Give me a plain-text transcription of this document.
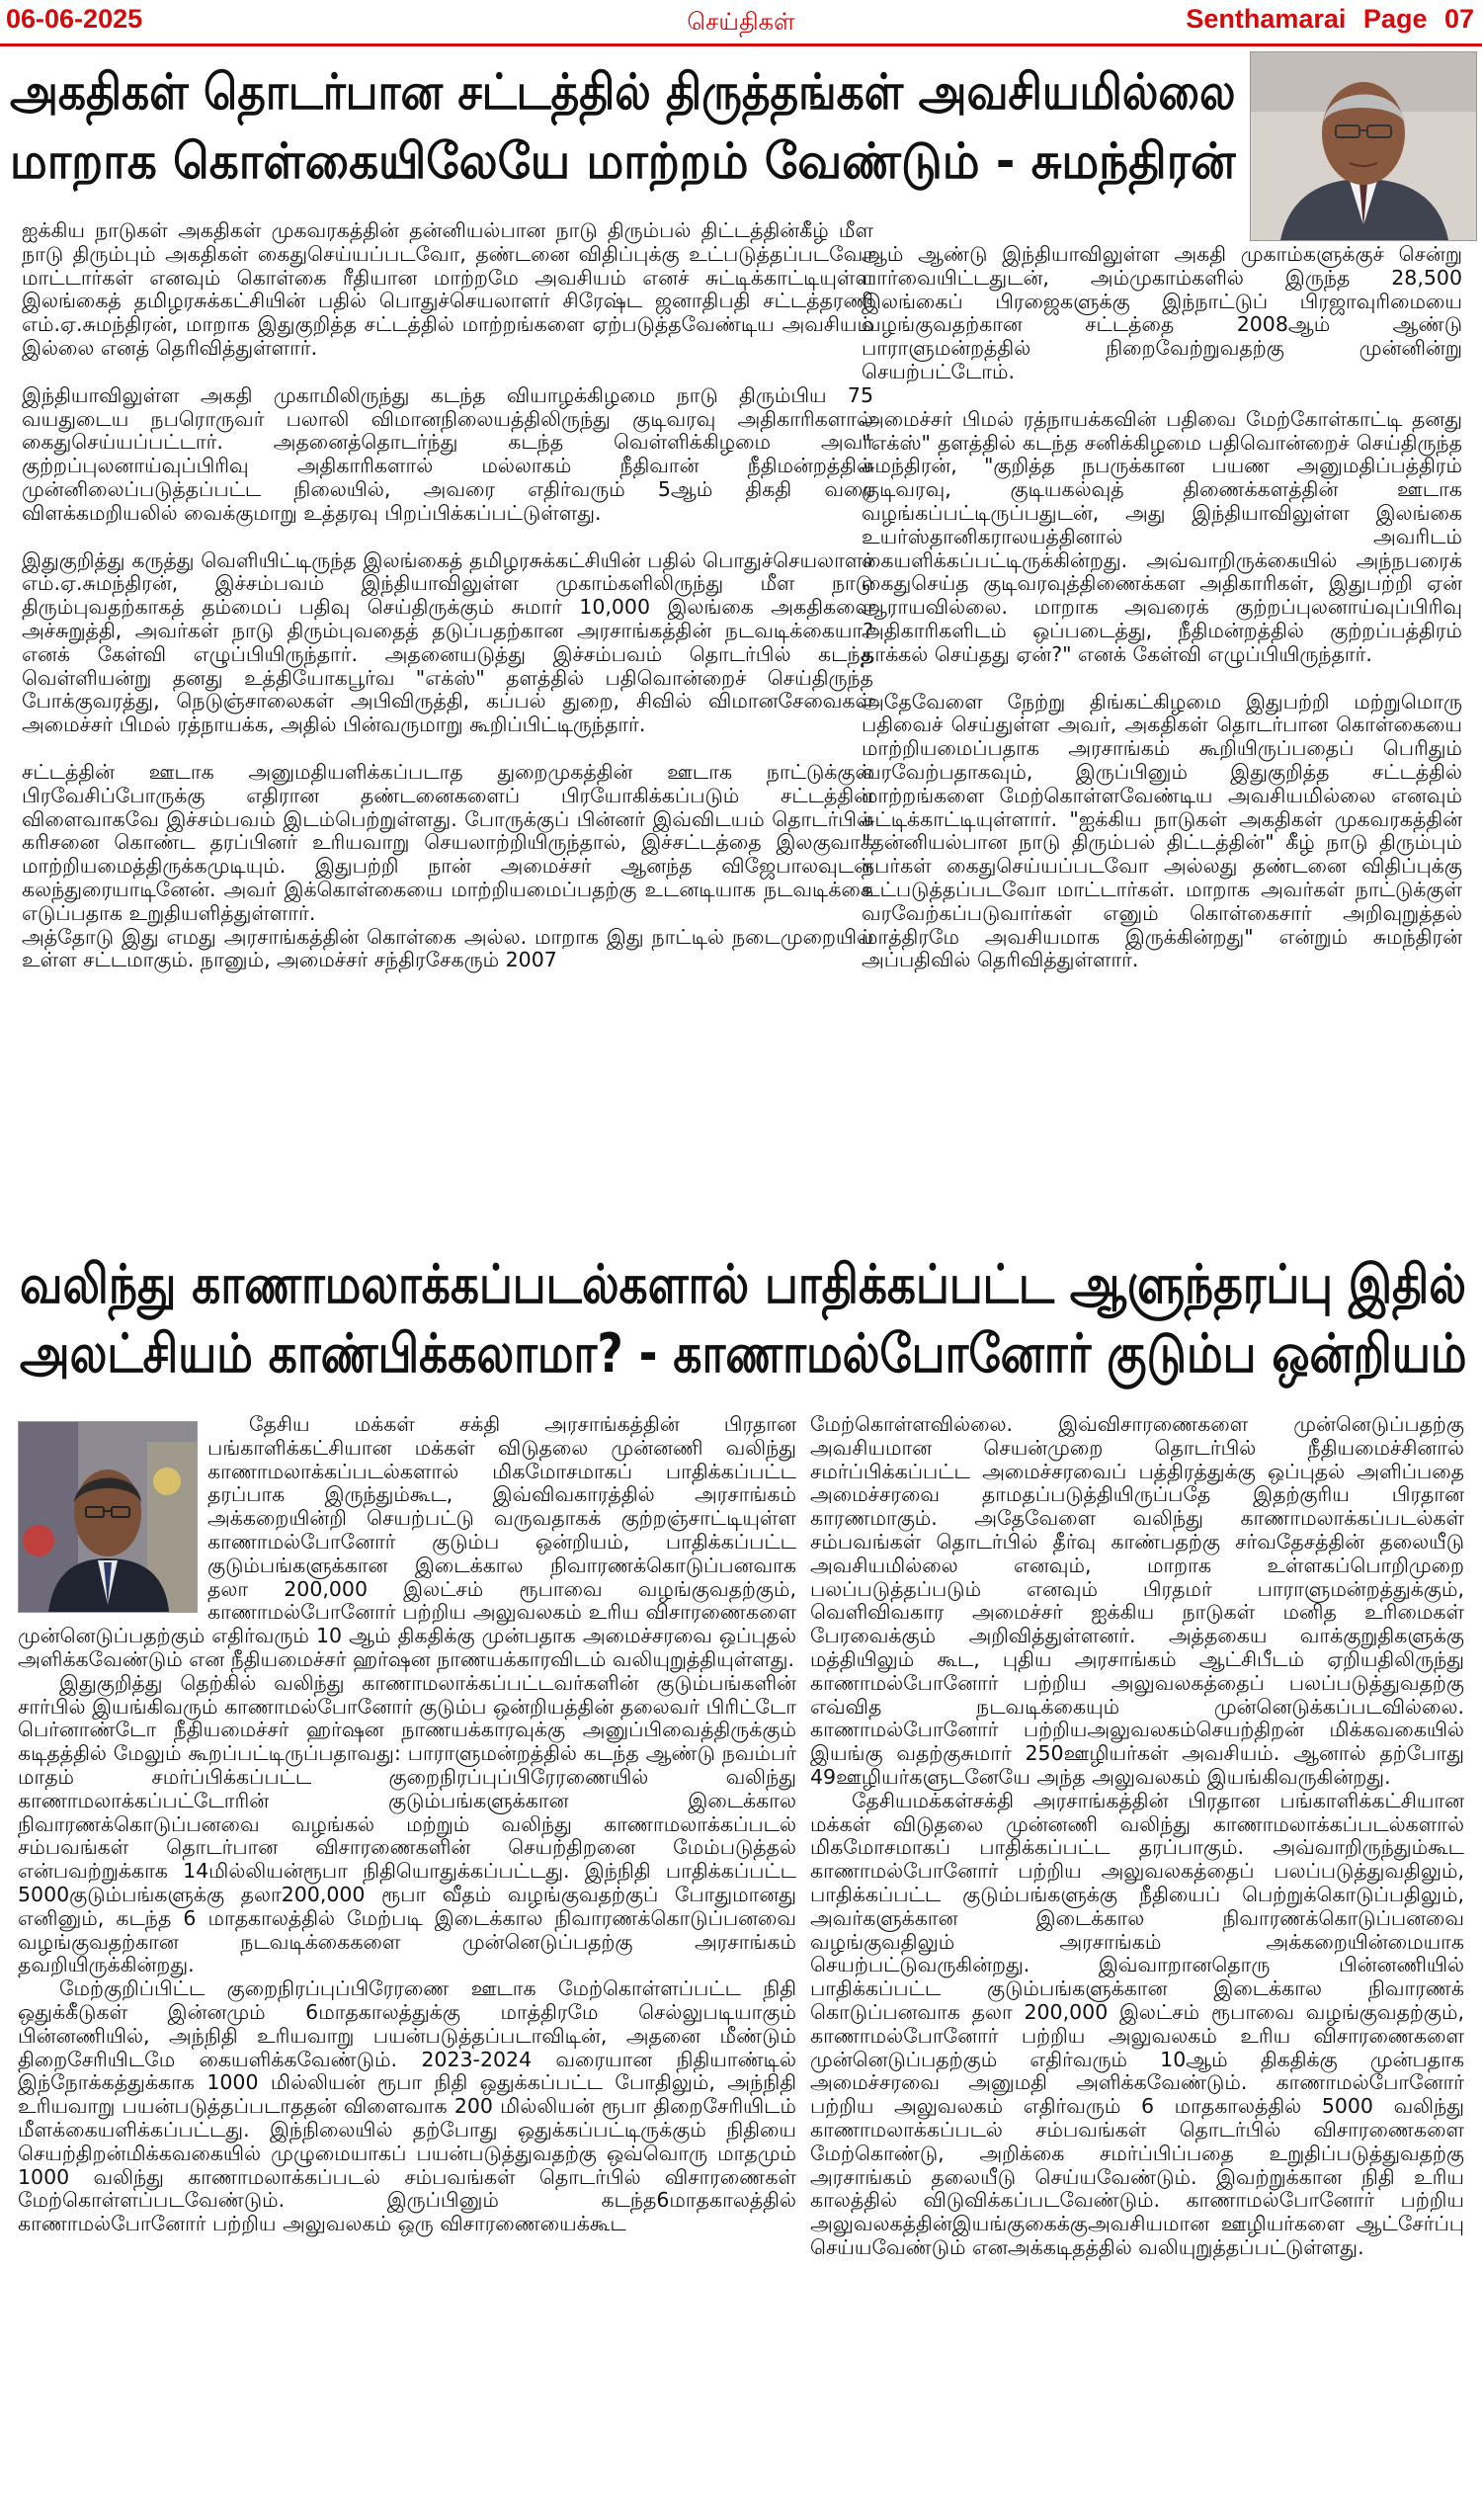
06-06-2025	செய்திகள்	Senthamarai Page 07
அகதிகள் தொடர்பான சட்டத்தில் திருத்தங்கள் அவசியமில்லை
மாறாக கொள்கையிலேயே மாற்றம் வேண்டும் - சுமந்திரன்

ஐக்கிய நாடுகள் அகதிகள் முகவரகத்தின் தன்னியல்பான நாடு திரும்பல் திட்டத்தின்கீழ் மீள நாடு திரும்பும் அகதிகள் கைதுசெய்யப்படவோ, தண்டனை விதிப்புக்கு உட்படுத்தப்படவோ மாட்டார்கள் எனவும் கொள்கை ரீதியான மாற்றமே அவசியம் எனச் சுட்டிக்காட்டியுள்ள இலங்கைத் தமிழரசுக்கட்சியின் பதில் பொதுச்செயலாளர் சிரேஷ்ட ஜனாதிபதி சட்டத்தரணி எம்.ஏ.சுமந்திரன், மாறாக இதுகுறித்த சட்டத்தில் மாற்றங்களை ஏற்படுத்தவேண்டிய அவசியம் இல்லை எனத் தெரிவித்துள்ளார்.

இந்தியாவிலுள்ள அகதி முகாமிலிருந்து கடந்த வியாழக்கிழமை நாடு திரும்பிய 75 வயதுடைய நபரொருவர் பலாலி விமானநிலையத்திலிருந்து குடிவரவு அதிகாரிகளால் கைதுசெய்யப்பட்டார். அதனைத்தொடர்ந்து கடந்த வெள்ளிக்கிழமை அவர் குற்றப்புலனாய்வுப்பிரிவு அதிகாரிகளால் மல்லாகம் நீதிவான் நீதிமன்றத்தில் முன்னிலைப்படுத்தப்பட்ட நிலையில், அவரை எதிர்வரும் 5ஆம் திகதி வரை விளக்கமறியலில் வைக்குமாறு உத்தரவு பிறப்பிக்கப்பட்டுள்ளது.

இதுகுறித்து கருத்து வெளியிட்டிருந்த இலங்கைத் தமிழரசுக்கட்சியின் பதில் பொதுச்செயலாளர் எம்.ஏ.சுமந்திரன், இச்சம்பவம் இந்தியாவிலுள்ள முகாம்களிலிருந்து மீள நாடு திரும்புவதற்காகத் தம்மைப் பதிவு செய்திருக்கும் சுமார் 10,000 இலங்கை அகதிகளை அச்சுறுத்தி, அவர்கள் நாடு திரும்புவதைத் தடுப்பதற்கான அரசாங்கத்தின் நடவடிக்கையா? எனக் கேள்வி எழுப்பியிருந்தார். அதனையடுத்து இச்சம்பவம் தொடர்பில் கடந்த வெள்ளியன்று தனது உத்தியோகபூர்வ "எக்ஸ்" தளத்தில் பதிவொன்றைச் செய்திருந்த போக்குவரத்து, நெடுஞ்சாலைகள் அபிவிருத்தி, கப்பல் துறை, சிவில் விமானசேவைகள் அமைச்சர் பிமல் ரத்நாயக்க, அதில் பின்வருமாறு கூறிப்பிட்டிருந்தார்.

சட்டத்தின் ஊடாக அனுமதியளிக்கப்படாத துறைமுகத்தின் ஊடாக நாட்டுக்குள் பிரவேசிப்போருக்கு எதிரான தண்டனைகளைப் பிரயோகிக்கப்படும் சட்டத்தின் விளைவாகவே இச்சம்பவம் இடம்பெற்றுள்ளது. போருக்குப் பின்னர் இவ்விடயம் தொடர்பில் கரிசனை கொண்ட தரப்பினர் உரியவாறு செயலாற்றியிருந்தால், இச்சட்டத்தை இலகுவாக மாற்றியமைத்திருக்கமுடியும். இதுபற்றி நான் அமைச்சர் ஆனந்த விஜேபாலவுடன் கலந்துரையாடினேன். அவர் இக்கொள்கையை மாற்றியமைப்பதற்கு உடனடியாக நடவடிக்கை எடுப்பதாக உறுதியளித்துள்ளார்.

அத்தோடு இது எமது அரசாங்கத்தின் கொள்கை அல்ல. மாறாக இது நாட்டில் நடைமுறையில் உள்ள சட்டமாகும். நானும், அமைச்சர் சந்திரசேகரும் 2007

ஆம் ஆண்டு இந்தியாவிலுள்ள அகதி முகாம்களுக்குச் சென்று பார்வையிட்டதுடன், அம்முகாம்களில் இருந்த 28,500 இலங்கைப் பிரஜைகளுக்கு இந்நாட்டுப் பிரஜாவுரிமையை வழங்குவதற்கான சட்டத்தை 2008ஆம் ஆண்டு பாராளுமன்றத்தில் நிறைவேற்றுவதற்கு முன்னின்று செயற்பட்டோம்.

அமைச்சர் பிமல் ரத்நாயக்கவின் பதிவை மேற்கோள்காட்டி தனது "எக்ஸ்" தளத்தில் கடந்த சனிக்கிழமை பதிவொன்றைச் செய்திருந்த சுமந்திரன், "குறித்த நபருக்கான பயண அனுமதிப்பத்திரம் குடிவரவு, குடியகல்வுத் திணைக்களத்தின் ஊடாக வழங்கப்பட்டிருப்பதுடன், அது இந்தியாவிலுள்ள இலங்கை உயர்ஸ்தானிகராலயத்தினால் அவரிடம் கையளிக்கப்பட்டிருக்கின்றது. அவ்வாறிருக்கையில் அந்நபரைக் கைதுசெய்த குடிவரவுத்திணைக்கள அதிகாரிகள், இதுபற்றி ஏன் ஆராயவில்லை. மாறாக அவரைக் குற்றப்புலனாய்வுப்பிரிவு அதிகாரிகளிடம் ஒப்படைத்து, நீதிமன்றத்தில் குற்றப்பத்திரம் தாக்கல் செய்தது ஏன்?" எனக் கேள்வி எழுப்பியிருந்தார்.

அதேவேளை நேற்று திங்கட்கிழமை இதுபற்றி மற்றுமொரு பதிவைச் செய்துள்ள அவர், அகதிகள் தொடர்பான கொள்கையை மாற்றியமைப்பதாக அரசாங்கம் கூறியிருப்பதைப் பெரிதும் வரவேற்பதாகவும், இருப்பினும் இதுகுறித்த சட்டத்தில் மாற்றங்களை மேற்கொள்ளவேண்டிய அவசியமில்லை எனவும் சுட்டிக்காட்டியுள்ளார். "ஐக்கிய நாடுகள் அகதிகள் முகவரகத்தின் "தன்னியல்பான நாடு திரும்பல் திட்டத்தின்" கீழ் நாடு திரும்பும் நபர்கள் கைதுசெய்யப்படவோ அல்லது தண்டனை விதிப்புக்கு உட்படுத்தப்படவோ மாட்டார்கள். மாறாக அவர்கள் நாட்டுக்குள் வரவேற்கப்படுவார்கள் எனும் கொள்கைசார் அறிவுறுத்தல் மாத்திரமே அவசியமாக இருக்கின்றது" என்றும் சுமந்திரன் அப்பதிவில் தெரிவித்துள்ளார்.

வலிந்து காணாமலாக்கப்படல்களால் பாதிக்கப்பட்ட ஆளுந்தரப்பு இதில்
அலட்சியம் காண்பிக்கலாமா? - காணாமல்போனோர் குடும்ப ஒன்றியம்

தேசிய மக்கள் சக்தி அரசாங்கத்தின் பிரதான பங்காளிக்கட்சியான மக்கள் விடுதலை முன்னணி வலிந்து காணாமலாக்கப்படல்களால் மிகமோசமாகப் பாதிக்கப்பட்ட தரப்பாக இருந்தும்கூட, இவ்விவகாரத்தில் அரசாங்கம் அக்கறையின்றி செயற்பட்டு வருவதாகக் குற்றஞ்சாட்டியுள்ள காணாமல்போனோர் குடும்ப ஒன்றியம், பாதிக்கப்பட்ட குடும்பங்களுக்கான இடைக்கால நிவாரணக்கொடுப்பனவாக தலா 200,000 இலட்சம் ரூபாவை வழங்குவதற்கும், காணாமல்போனோர் பற்றிய அலுவலகம் உரிய விசாரணைகளை முன்னெடுப்பதற்கும் எதிர்வரும் 10 ஆம் திகதிக்கு முன்பதாக அமைச்சரவை ஒப்புதல் அளிக்கவேண்டும் என நீதியமைச்சர் ஹர்ஷன நாணயக்காரவிடம் வலியுறுத்தியுள்ளது.

இதுகுறித்து தெற்கில் வலிந்து காணாமலாக்கப்பட்டவர்களின் குடும்பங்களின் சார்பில் இயங்கிவரும் காணாமல்போனோர் குடும்ப ஒன்றியத்தின் தலைவர் பிரிட்டோ பெர்னாண்டோ நீதியமைச்சர் ஹர்ஷன நாணயக்காரவுக்கு அனுப்பிவைத்திருக்கும் கடிதத்தில் மேலும் கூறப்பட்டிருப்பதாவது: பாராளுமன்றத்தில் கடந்த ஆண்டு நவம்பர் மாதம் சமர்ப்பிக்கப்பட்ட குறைநிரப்புப்பிரேரணையில் வலிந்து காணாமலாக்கப்பட்டோரின் குடும்பங்களுக்கான இடைக்கால நிவாரணக்கொடுப்பனவை வழங்கல் மற்றும் வலிந்து காணாமலாக்கப்படல் சம்பவங்கள் தொடர்பான விசாரணைகளின் செயற்திறனை மேம்படுத்தல் என்பவற்றுக்காக 14மில்லியன்ரூபா நிதியொதுக்கப்பட்டது. இந்நிதி பாதிக்கப்பட்ட 5000குடும்பங்களுக்கு தலா200,000 ரூபா வீதம் வழங்குவதற்குப் போதுமானது எனினும், கடந்த 6 மாதகாலத்தில் மேற்படி இடைக்கால நிவாரணக்கொடுப்பனவை வழங்குவதற்கான நடவடிக்கைகளை முன்னெடுப்பதற்கு அரசாங்கம் தவறியிருக்கின்றது.

மேற்குறிப்பிட்ட குறைநிரப்புப்பிரேரணை ஊடாக மேற்கொள்ளப்பட்ட நிதி ஒதுக்கீடுகள் இன்னமும் 6மாதகாலத்துக்கு மாத்திரமே செல்லுபடியாகும் பின்னணியில், அந்நிதி உரியவாறு பயன்படுத்தப்படாவிடின், அதனை மீண்டும் திறைசேரியிடமே கையளிக்கவேண்டும். 2023-2024 வரையான நிதியாண்டில் இந்நோக்கத்துக்காக 1000 மில்லியன் ரூபா நிதி ஒதுக்கப்பட்ட போதிலும், அந்நிதி உரியவாறு பயன்படுத்தப்படாததன் விளைவாக 200 மில்லியன் ரூபா திறைசேரியிடம் மீளக்கையளிக்கப்பட்டது. இந்நிலையில் தற்போது ஒதுக்கப்பட்டிருக்கும் நிதியை செயற்திறன்மிக்கவகையில் முழுமையாகப் பயன்படுத்துவதற்கு ஒவ்வொரு மாதமும் 1000 வலிந்து காணாமலாக்கப்படல் சம்பவங்கள் தொடர்பில் விசாரணைகள் மேற்கொள்ளப்படவேண்டும். இருப்பினும் கடந்த6மாதகாலத்தில் காணாமல்போனோர் பற்றிய அலுவலகம் ஒரு விசாரணையைக்கூட

மேற்கொள்ளவில்லை. இவ்விசாரணைகளை முன்னெடுப்பதற்கு அவசியமான செயன்முறை தொடர்பில் நீதியமைச்சினால் சமர்ப்பிக்கப்பட்ட அமைச்சரவைப் பத்திரத்துக்கு ஒப்புதல் அளிப்பதை அமைச்சரவை தாமதப்படுத்தியிருப்பதே இதற்குரிய பிரதான காரணமாகும். அதேவேளை வலிந்து காணாமலாக்கப்படல்கள் சம்பவங்கள் தொடர்பில் தீர்வு காண்பதற்கு சர்வதேசத்தின் தலையீடு அவசியமில்லை எனவும், மாறாக உள்ளகப்பொறிமுறை பலப்படுத்தப்படும் எனவும் பிரதமர் பாராளுமன்றத்துக்கும், வெளிவிவகார அமைச்சர் ஐக்கிய நாடுகள் மனித உரிமைகள் பேரவைக்கும் அறிவித்துள்ளனர். அத்தகைய வாக்குறுதிகளுக்கு மத்தியிலும் கூட, புதிய அரசாங்கம் ஆட்சிபீடம் ஏறியதிலிருந்து காணாமல்போனோர் பற்றிய அலுவலகத்தைப் பலப்படுத்துவதற்கு எவ்வித நடவடிக்கையும் முன்னெடுக்கப்படவில்லை. காணாமல்போனோர் பற்றியஅலுவலகம்செயற்திறன் மிக்கவகையில் இயங்கு வதற்குசுமார் 250ஊழியர்கள் அவசியம். ஆனால் தற்போது 49ஊழியர்களுடனேயே அந்த அலுவலகம் இயங்கிவருகின்றது.

தேசியமக்கள்சக்தி அரசாங்கத்தின் பிரதான பங்காளிக்கட்சியான மக்கள் விடுதலை முன்னணி வலிந்து காணாமலாக்கப்படல்களால் மிகமோசமாகப் பாதிக்கப்பட்ட தரப்பாகும். அவ்வாறிருந்தும்கூட காணாமல்போனோர் பற்றிய அலுவலகத்தைப் பலப்படுத்துவதிலும், பாதிக்கப்பட்ட குடும்பங்களுக்கு நீதியைப் பெற்றுக்கொடுப்பதிலும், அவர்களுக்கான இடைக்கால நிவாரணக்கொடுப்பனவை வழங்குவதிலும் அரசாங்கம் அக்கறையின்மையாக செயற்பட்டுவருகின்றது. இவ்வாறானதொரு பின்னணியில் பாதிக்கப்பட்ட குடும்பங்களுக்கான இடைக்கால நிவாரணக் கொடுப்பனவாக தலா 200,000 இலட்சம் ரூபாவை வழங்குவதற்கும், காணாமல்போனோர் பற்றிய அலுவலகம் உரிய விசாரணைகளை முன்னெடுப்பதற்கும் எதிர்வரும் 10ஆம் திகதிக்கு முன்பதாக அமைச்சரவை அனுமதி அளிக்கவேண்டும். காணாமல்போனோர் பற்றிய அலுவலகம் எதிர்வரும் 6 மாதகாலத்தில் 5000 வலிந்து காணாமலாக்கப்படல் சம்பவங்கள் தொடர்பில் விசாரணைகளை மேற்கொண்டு, அறிக்கை சமர்ப்பிப்பதை உறுதிப்படுத்துவதற்கு அரசாங்கம் தலையீடு செய்யவேண்டும். இவற்றுக்கான நிதி உரிய காலத்தில் விடுவிக்கப்படவேண்டும். காணாமல்போனோர் பற்றிய அலுவலகத்தின்இயங்குகைக்குஅவசியமான ஊழியர்களை ஆட்சேர்ப்பு செய்யவேண்டும் எனஅக்கடிதத்தில் வலியுறுத்தப்பட்டுள்ளது.
